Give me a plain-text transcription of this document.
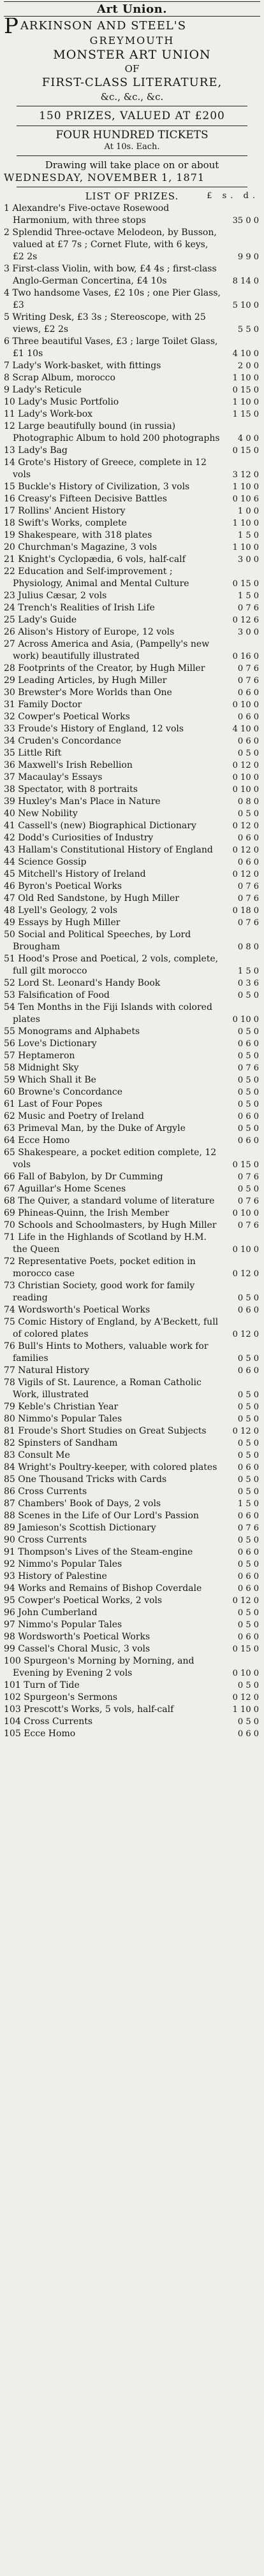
Art Union.
P ARKINSON AND STEEL'S
GREYMOUTH
MONSTER ART UNION
OF
FIRST-CLASS LITERATURE,
&c., &c., &c.
150 PRIZES, VALUED AT £200
FOUR HUNDRED TICKETS
At 10s. Each.
Drawing will take place on or about
WEDNESDAY, NOVEMBER 1, 1871
LIST OF PRIZES.	£ s. d.
1 Alexandre's Five-octave Rosewood Harmonium, with three stops	35 0 0
2 Splendid Three-octave Melodeon, by Busson, valued at £7 7s ; Cornet Flute, with 6 keys, £2 2s	9 9 0
3 First-class Violin, with bow, £4 4s ; first-class Anglo-German Concertina, £4 10s	8 14 0
4 Two handsome Vases, £2 10s ; one Pier Glass, £3	5 10 0
5 Writing Desk, £3 3s ; Stereoscope, with 25 views, £2 2s	5 5 0
6 Three beautiful Vases, £3 ; large Toilet Glass, £1 10s	4 10 0
7 Lady's Work-basket, with fittings	2 0 0
8 Scrap Album, morocco	1 10 0
9 Lady's Reticule	0 15 0
10 Lady's Music Portfolio	1 10 0
11 Lady's Work-box	1 15 0
12 Large beautifully bound (in russia) Photographic Album to hold 200 photographs 4 0 0
13 Lady's Bag	0 15 0
14 Grote's History of Greece, complete in 12 vols	3 12 0
15 Buckle's History of Civilization, 3 vols	1 10 0
16 Creasy's Fifteen Decisive Battles	0 10 6
17 Rollins' Ancient History	1 0 0
18 Swift's Works, complete	1 10 0
19 Shakespeare, with 318 plates	1 5 0
20 Churchman's Magazine, 3 vols	1 10 0
21 Knight's Cyclopædia, 6 vols, half-calf	3 0 0
22 Education and Self-improvement ; Physiology, Animal and Mental Culture	0 15 0
23 Julius Cæsar, 2 vols	1 5 0
24 Trench's Realities of Irish Life	0 7 6
25 Lady's Guide	0 12 6
26 Alison's History of Europe, 12 vols	3 0 0
27 Across America and Asia, (Pampelly's new work) beautifully illustrated	0 16 0
28 Footprints of the Creator, by Hugh Miller	0 7 6
29 Leading Articles, by Hugh Miller	0 7 6
30 Brewster's More Worlds than One	0 6 0
31 Family Doctor	0 10 0
32 Cowper's Poetical Works	0 6 0
33 Froude's History of England, 12 vols	4 10 0
34 Cruden's Concordance	0 6 0
35 Little Rift	0 5 0
36 Maxwell's Irish Rebellion	0 12 0
37 Macaulay's Essays	0 10 0
38 Spectator, with 8 portraits	0 10 0
39 Huxley's Man's Place in Nature	0 8 0
40 New Nobility	0 5 0
41 Cassell's (new) Biographical Dictionary	0 12 0
42 Dodd's Curiosities of Industry	0 6 0
43 Hallam's Constitutional History of England	0 12 0
44 Science Gossip	0 6 0
45 Mitchell's History of Ireland	0 12 0
46 Byron's Poetical Works	0 7 6
47 Old Red Sandstone, by Hugh Miller	0 7 6
48 Lyell's Geology, 2 vols	0 18 0
49 Essays by Hugh Miller	0 7 6
50 Social and Political Speeches, by Lord Brougham	0 8 0
51 Hood's Prose and Poetical, 2 vols, complete, full gilt morocco	1 5 0
52 Lord St. Leonard's Handy Book	0 3 6
53 Falsification of Food	0 5 0
54 Ten Months in the Fiji Islands with colored plates	0 10 0
55 Monograms and Alphabets	0 5 0
56 Love's Dictionary	0 6 0
57 Heptameron	0 5 0
58 Midnight Sky	0 7 6
59 Which Shall it Be	0 5 0
60 Browne's Concordance	0 5 0
61 Last of Four Popes	0 5 0
62 Music and Poetry of Ireland	0 6 0
63 Primeval Man, by the Duke of Argyle	0 5 0
64 Ecce Homo	0 6 0
65 Shakespeare, a pocket edition complete, 12 vols	0 15 0
66 Fall of Babylon, by Dr Cumming	0 7 6
67 Aguillar's Home Scenes	0 5 0
68 The Quiver, a standard volume of literature	0 7 6
69 Phineas-Quinn, the Irish Member	0 10 0
70 Schools and Schoolmasters, by Hugh Miller	0 7 6
71 Life in the Highlands of Scotland by H.M. the Queen	0 10 0
72 Representative Poets, pocket edition in morocco case	0 12 0
73 Christian Society, good work for family reading	0 5 0
74 Wordsworth's Poetical Works	0 6 0
75 Comic History of England, by A'Beckett, full of colored plates	0 12 0
76 Bull's Hints to Mothers, valuable work for families	0 5 0
77 Natural History	0 6 0
78 Vigils of St. Laurence, a Roman Catholic Work, illustrated	0 5 0
79 Keble's Christian Year	0 5 0
80 Nimmo's Popular Tales	0 5 0
81 Froude's Short Studies on Great Subjects	0 12 0
82 Spinsters of Sandham	0 5 0
83 Consult Me	0 5 0
84 Wright's Poultry-keeper, with colored plates	0 6 0
85 One Thousand Tricks with Cards	0 5 0
86 Cross Currents	0 5 0
87 Chambers' Book of Days, 2 vols	1 5 0
88 Scenes in the Life of Our Lord's Passion	0 6 0
89 Jamieson's Scottish Dictionary	0 7 6
90 Cross Currents	0 5 0
91 Thompson's Lives of the Steam-engine	0 6 0
92 Nimmo's Popular Tales	0 5 0
93 History of Palestine	0 6 0
94 Works and Remains of Bishop Coverdale	0 6 0
95 Cowper's Poetical Works, 2 vols	0 12 0
96 John Cumberland	0 5 0
97 Nimmo's Popular Tales	0 5 0
98 Wordsworth's Poetical Works	0 6 0
99 Cassel's Choral Music, 3 vols	0 15 0
100 Spurgeon's Morning by Morning, and Evening by Evening 2 vols	0 10 0
101 Turn of Tide	0 5 0
102 Spurgeon's Sermons	0 12 0
103 Prescott's Works, 5 vols, half-calf	1 10 0
104 Cross Currents	0 5 0
105 Ecce Homo	0 6 0
